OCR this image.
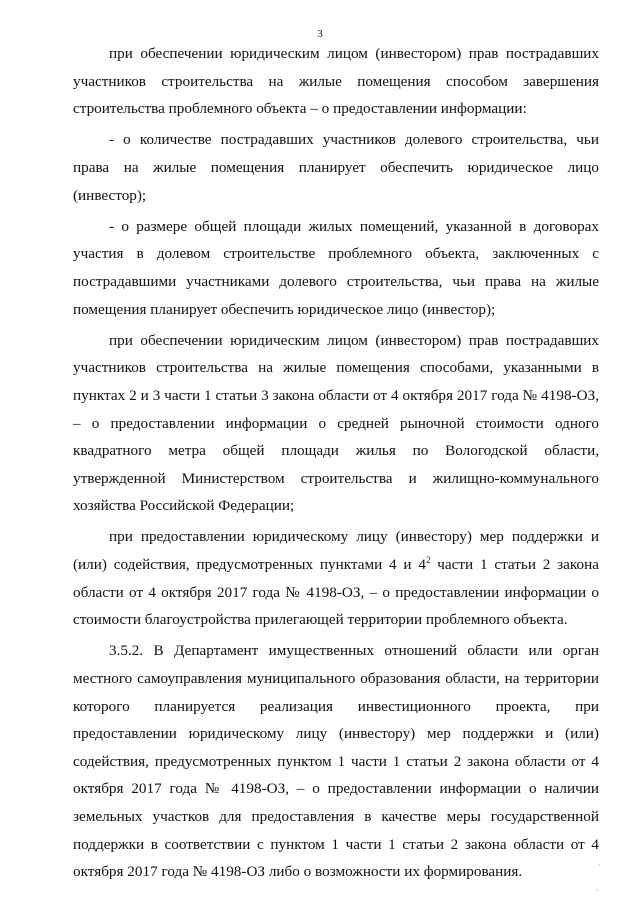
3

при обеспечении юридическим лицом (инвестором) прав пострадавших участников строительства на жилые помещения способом завершения строительства проблемного объекта – о предоставлении информации:

- о количестве пострадавших участников долевого строительства, чьи права на жилые помещения планирует обеспечить юридическое лицо (инвестор);

- о размере общей площади жилых помещений, указанной в договорах участия в долевом строительстве проблемного объекта, заключенных с пострадавшими участниками долевого строительства, чьи права на жилые помещения планирует обеспечить юридическое лицо (инвестор);

при обеспечении юридическим лицом (инвестором) прав пострадавших участников строительства на жилые помещения способами, указанными в пунктах 2 и 3 части 1 статьи 3 закона области от 4 октября 2017 года № 4198-ОЗ, – о предоставлении информации о средней рыночной стоимости одного квадратного метра общей площади жилья по Вологодской области, утвержденной Министерством строительства и жилищно-коммунального хозяйства Российской Федерации;

при предоставлении юридическому лицу (инвестору) мер поддержки и (или) содействия, предусмотренных пунктами 4 и $4^2$ части 1 статьи 2 закона области от 4 октября 2017 года № 4198-ОЗ, – о предоставлении информации о стоимости благоустройства прилегающей территории проблемного объекта.

3.5.2. В Департамент имущественных отношений области или орган местного самоуправления муниципального образования области, на территории которого планируется реализация инвестиционного проекта, при предоставлении юридическому лицу (инвестору) мер поддержки и (или) содействия, предусмотренных пунктом 1 части 1 статьи 2 закона области от 4 октября 2017 года № 4198-ОЗ, – о предоставлении информации о наличии земельных участков для предоставления в качестве меры государственной поддержки в соответствии с пунктом 1 части 1 статьи 2 закона области от 4 октября 2017 года № 4198-ОЗ либо о возможности их формирования.	·
·
